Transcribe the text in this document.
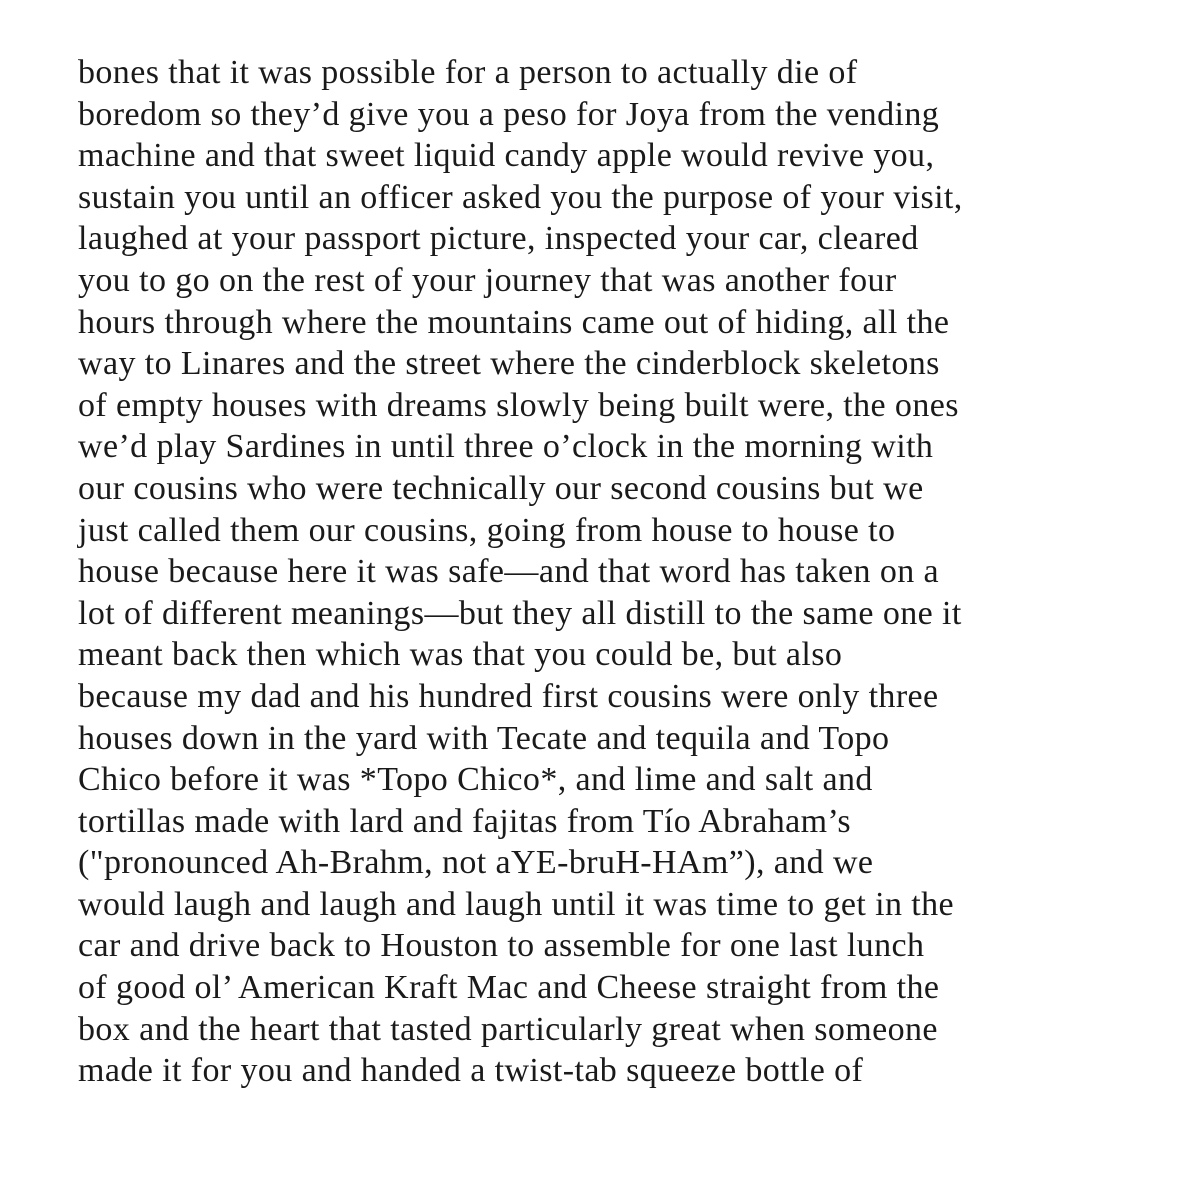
bones that it was possible for a person to actually die of
boredom so they’d give you a peso for Joya from the vending
machine and that sweet liquid candy apple would revive you,
sustain you until an officer asked you the purpose of your visit,
laughed at your passport picture, inspected your car, cleared
you to go on the rest of your journey that was another four
hours through where the mountains came out of hiding, all the
way to Linares and the street where the cinderblock skeletons
of empty houses with dreams slowly being built were, the ones
we’d play Sardines in until three o’clock in the morning with
our cousins who were technically our second cousins but we
just called them our cousins, going from house to house to
house because here it was safe—and that word has taken on a
lot of different meanings—but they all distill to the same one it
meant back then which was that you could be, but also
because my dad and his hundred first cousins were only three
houses down in the yard with Tecate and tequila and Topo
Chico before it was *Topo Chico*, and lime and salt and
tortillas made with lard and fajitas from Tío Abraham’s
("pronounced Ah-Brahm, not aYE-bruH-HAm”), and we
would laugh and laugh and laugh until it was time to get in the
car and drive back to Houston to assemble for one last lunch
of good ol’ American Kraft Mac and Cheese straight from the
box and the heart that tasted particularly great when someone
made it for you and handed a twist-tab squeeze bottle of
